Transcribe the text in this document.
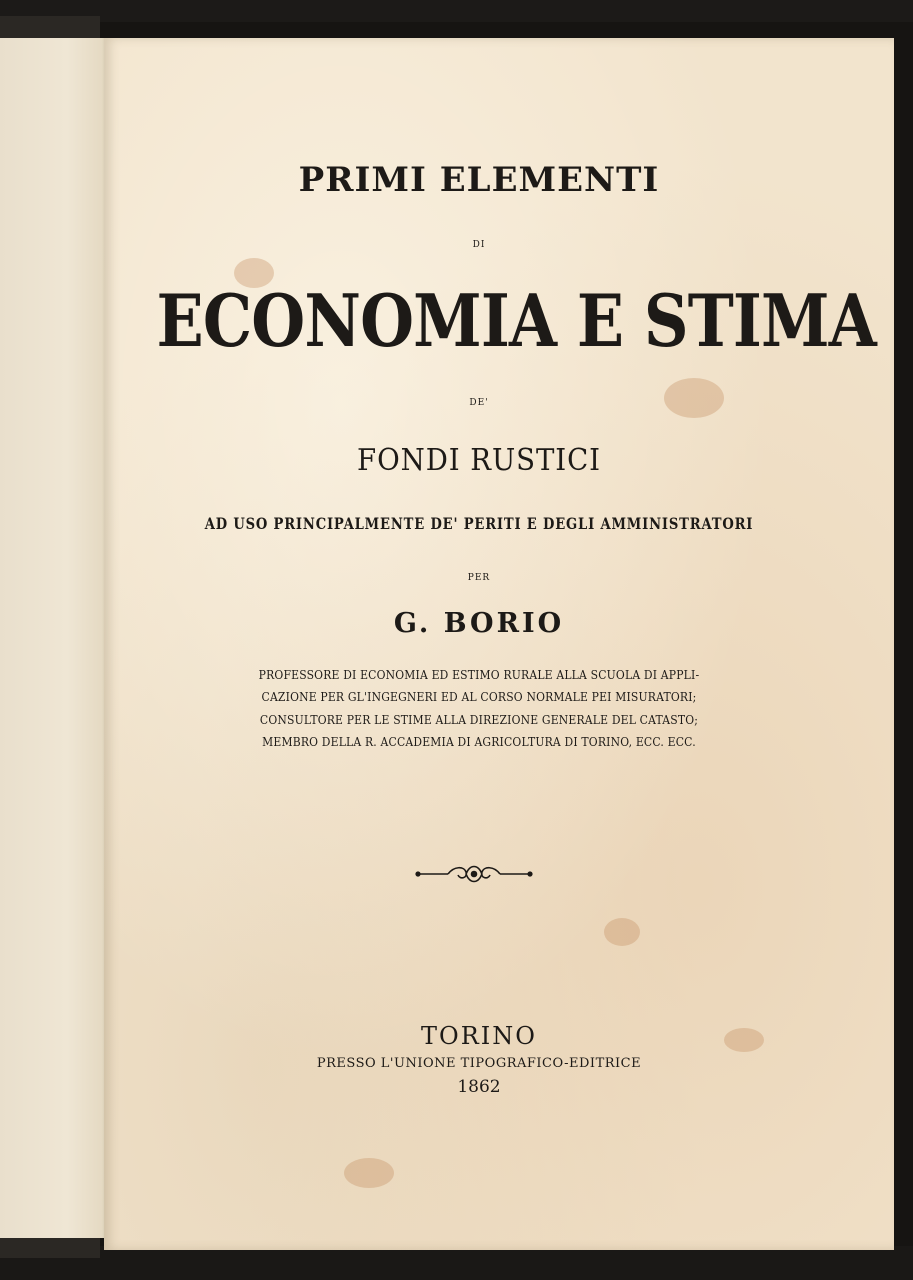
PRIMI ELEMENTI
DI
ECONOMIA E STIMA
DE'
FONDI RUSTICI
AD USO PRINCIPALMENTE DE' PERITI E DEGLI AMMINISTRATORI
PER
G. BORIO
PROFESSORE DI ECONOMIA ED ESTIMO RURALE ALLA SCUOLA DI APPLI-
CAZIONE PER GL'INGEGNERI ED AL CORSO NORMALE PEI MISURATORI;
CONSULTORE PER LE STIME ALLA DIREZIONE GENERALE DEL CATASTO;
MEMBRO DELLA R. ACCADEMIA DI AGRICOLTURA DI TORINO, ECC. ECC.
TORINO
PRESSO L'UNIONE TIPOGRAFICO-EDITRICE
1862
